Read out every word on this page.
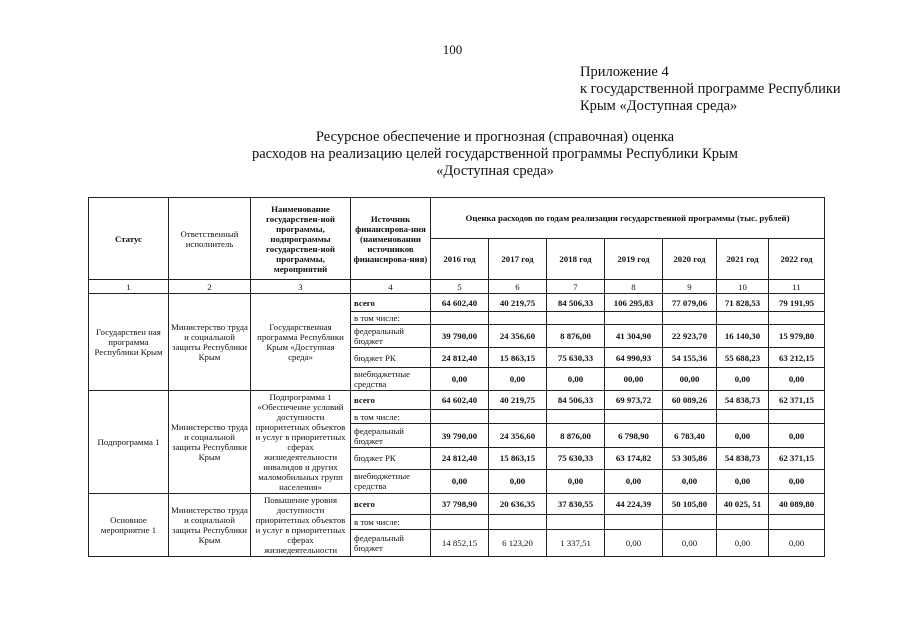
100
Приложение 4
к государственной программе Республики
Крым «Доступная среда»
Ресурсное обеспечение и прогнозная (справочная) оценка
расходов на реализацию целей государственной программы Республики Крым
«Доступная среда»
Статус	Ответственный исполнитель	Наименование государствен-ной программы, подпрограммы государствен-ной программы, мероприятий	Источник финансирова-ния (наименовании источников финансирова-ния)	Оценка расходов по годам реализации государственной программы (тыс. рублей)						
				2016 год	2017 год	2018 год	2019 год	2020 год	2021 год	2022 год
1	2	3	4	5	6	7	8	9	10	11
Государствен ная программа Республики Крым	Министерство труда и социальной защиты Республики Крым	Государственная программа Республики Крым «Доступная среда»	всего	64 602,40	40 219,75	84 506,33	106 295,83	77 079,06	71 828,53	79 191,95
			в том числе:							
			федеральный бюджет	39 790,00	24 356,60	8 876,00	41 304,90	22 923,70	16 140,30	15 979,80
			бюджет РК	24 812,40	15 863,15	75 630,33	64 990,93	54 155,36	55 688,23	63 212,15
			внебюджетные средства	0,00	0,00	0,00	00,00	00,00	0,00	0,00
Подпрограмма 1	Министерство труда и социальной защиты Республики Крым	Подпрограмма 1 «Обеспечение условий доступности приоритетных объектов и услуг в приоритетных сферах жизнедеятельности инвалидов и других маломобильных групп населения»	всего	64 602,40	40 219,75	84 506,33	69 973,72	60 089,26	54 838,73	62 371,15
			в том числе:							
			федеральный бюджет	39 790,00	24 356,60	8 876,00	6 798,90	6 783,40	0,00	0,00
			бюджет РК	24 812,40	15 863,15	75 630,33	63 174,82	53 305,86	54 838,73	62 371,15
			внебюджетные средства	0,00	0,00	0,00	0,00	0,00	0,00	0,00
Основное мероприятие 1	Министерство труда и социальной защиты Республики Крым	Повышение уровня доступности приоритетных объектов и услуг в приоритетных сферах жизнедеятельности	всего	37 798,90	20 636,35	37 830,55	44 224,39	50 105,80	40 025, 51	40 089,80
			в том числе:							
			федеральный бюджет	14 852,15	6 123,20	1 337,51	0,00	0,00	0,00	0,00
